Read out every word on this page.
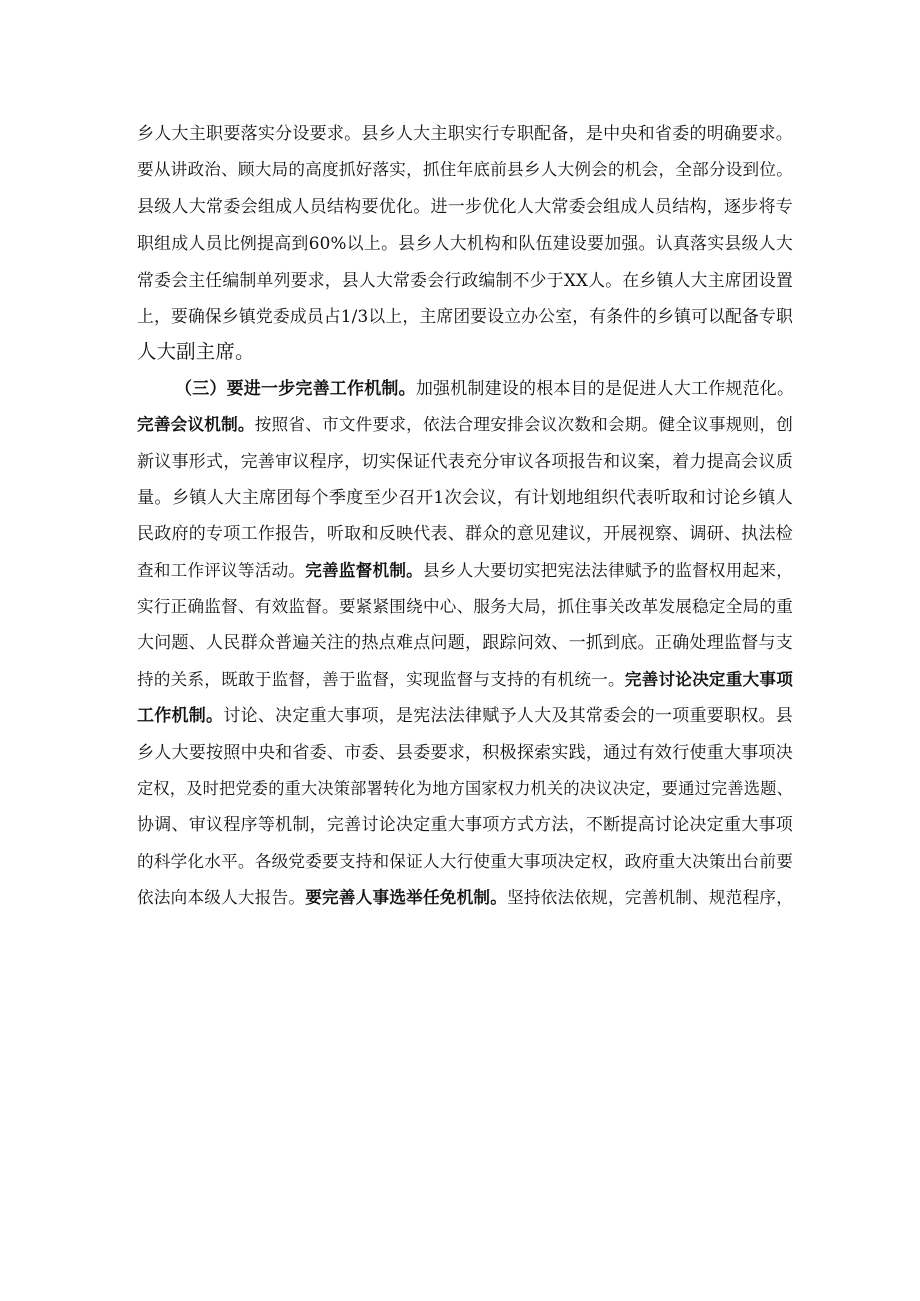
乡人大主职要落实分设要求。县乡人大主职实行专职配备，是中央和省委的明确要求。
要从讲政治、顾大局的高度抓好落实，抓住年底前县乡人大例会的机会，全部分设到位。
县级人大常委会组成人员结构要优化。进一步优化人大常委会组成人员结构，逐步将专
职组成人员比例提高到60%以上。县乡人大机构和队伍建设要加强。认真落实县级人大
常委会主任编制单列要求，县人大常委会行政编制不少于XX人。在乡镇人大主席团设置
上，要确保乡镇党委成员占1/3以上，主席团要设立办公室，有条件的乡镇可以配备专职
人大副主席。
（三）要进一步完善工作机制。加强机制建设的根本目的是促进人大工作规范化。
完善会议机制。按照省、市文件要求，依法合理安排会议次数和会期。健全议事规则，创
新议事形式，完善审议程序，切实保证代表充分审议各项报告和议案，着力提高会议质
量。乡镇人大主席团每个季度至少召开1次会议，有计划地组织代表听取和讨论乡镇人
民政府的专项工作报告，听取和反映代表、群众的意见建议，开展视察、调研、执法检
查和工作评议等活动。完善监督机制。县乡人大要切实把宪法法律赋予的监督权用起来，
实行正确监督、有效监督。要紧紧围绕中心、服务大局，抓住事关改革发展稳定全局的重
大问题、人民群众普遍关注的热点难点问题，跟踪问效、一抓到底。正确处理监督与支
持的关系，既敢于监督，善于监督，实现监督与支持的有机统一。完善讨论决定重大事项
工作机制。讨论、决定重大事项，是宪法法律赋予人大及其常委会的一项重要职权。县
乡人大要按照中央和省委、市委、县委要求，积极探索实践，通过有效行使重大事项决
定权，及时把党委的重大决策部署转化为地方国家权力机关的决议决定，要通过完善选题、
协调、审议程序等机制，完善讨论决定重大事项方式方法，不断提高讨论决定重大事项
的科学化水平。各级党委要支持和保证人大行使重大事项决定权，政府重大决策出台前要
依法向本级人大报告。要完善人事选举任免机制。坚持依法依规，完善机制、规范程序，
